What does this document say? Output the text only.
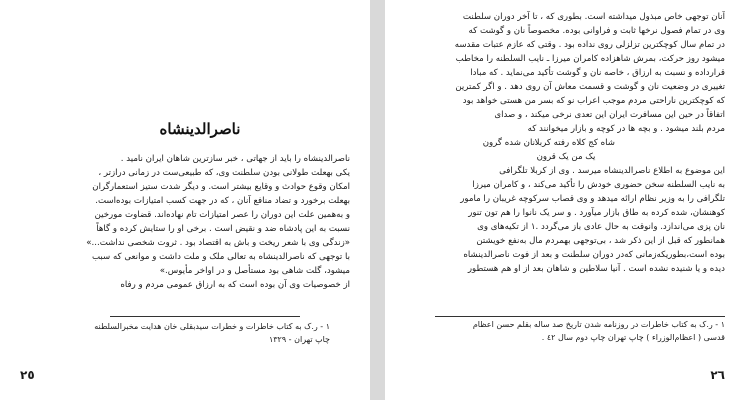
ناصرالدینشاه
ناصرالدینشاه را باید از جهاتی ، خبر سازترین شاهان ایران نامید .
یکی بهعلت طولانی بودن سلطنت وی، که طبیعی‌ست در زمانی درازتر ،
امکان وقوع حوادث و وقایع بیشتر است. و دیگر شدت ستیز استعمارگران
بهعلت برخورد و تضاد منافع آنان ، که در جهت کسب امتیازات بوده‌است.
و به‌همین علت این دوران را عصر امتیازات تام نهاده‌اند. قضاوت مورخین
نسبت به این پادشاه ضد و نقیض است . برخی او را ستایش کرده و گاهاً
«زندگی وی با شعر ریخت و باش به اقتصاد بود . ثروت شخصی نداشت...»
با توجهی که ناصرالدینشاه به تعالی ملک و ملت داشت و موانعی که سبب
میشود، گلت شاهی بود مستأصل و در اواخر مأیوس.»
از خصوصیات وی آن بوده است که به ارزاق عمومی مردم و رفاه
١ - ر.ک به کتاب خاطرات و خطرات سیدبقلی خان هدایت مخبرالسلطنه
چاپ تهران - ١٣٢٩
٢٥
آنان توجهی خاص مبذول میداشته است. بطوری که ، تا آخر دوران سلطنت
وی در تمام فصول نرخها ثابت و فراوانی بوده. مخصوصاً نان و گوشت که
در تمام سال کوچکترین تزلزلی روی نداده بود . وقتی که عازم عتبات مقدسه
میشود روز حرکت، بمرش شاهزاده کامران میرزا ـ نایب السلطنه را مخاطب
قرارداده و نسبت به ارزاق ، خاصه نان و گوشت تأکید می‌نماید . که مبادا
تغییری در وضعیت نان و گوشت و قسمت معاش آن روی دهد . و اگر کمترین
که کوچکترین ناراحتی مردم موجب اعراب نو که بسر من هستی خواهد بود
اتفاقاً در حین این مسافرت ایران این تعدی نرخی میکند ، و صدای
مردم بلند میشود . و بچه ها در کوچه و بازار میخوانند که
شاه کج کلاه رفته کربلا
نان شده گرون
یک من یک قرون
این موضوع به اطلاع ناصرالدینشاه میرسد . وی از کربلا تلگرافی
به نایب السلطنه سخن حضوری خودش را تأکید می‌کند ، و کامران میرزا
تلگرافی را به وزیر نظام ارائه میدهد و وی قصاب سرکوچه غریبان را مامور
کوهنشان، شده کرده به طاق بازار میآورد . و سر یک نانوا را هم تون تنور
نان پزی می‌اندازد. وانوقت به حال عادی باز می‌گردد .١ از تکیه‌های وی
همانطور که قبل از این ذکر شد ، بی‌توجهی بهمردم مال به‌نفع خویشتن
بوده است،بطوریکه‌زمانی که‌در دوران سلطنت و بعد از فوت ناصرالدینشاه
دیده و یا شنیده نشده است . آنیا سلاطین و شاهان بعد از او هم هستطور
١ - ر.ک به کتاب خاطرات در روزنامه شدن تاریخ صد ساله بقلم حسن اعظام
قدسی ( اعظام‌الوزراء ) چاپ تهران چاپ دوم سال ٤٢ .
٢٦
